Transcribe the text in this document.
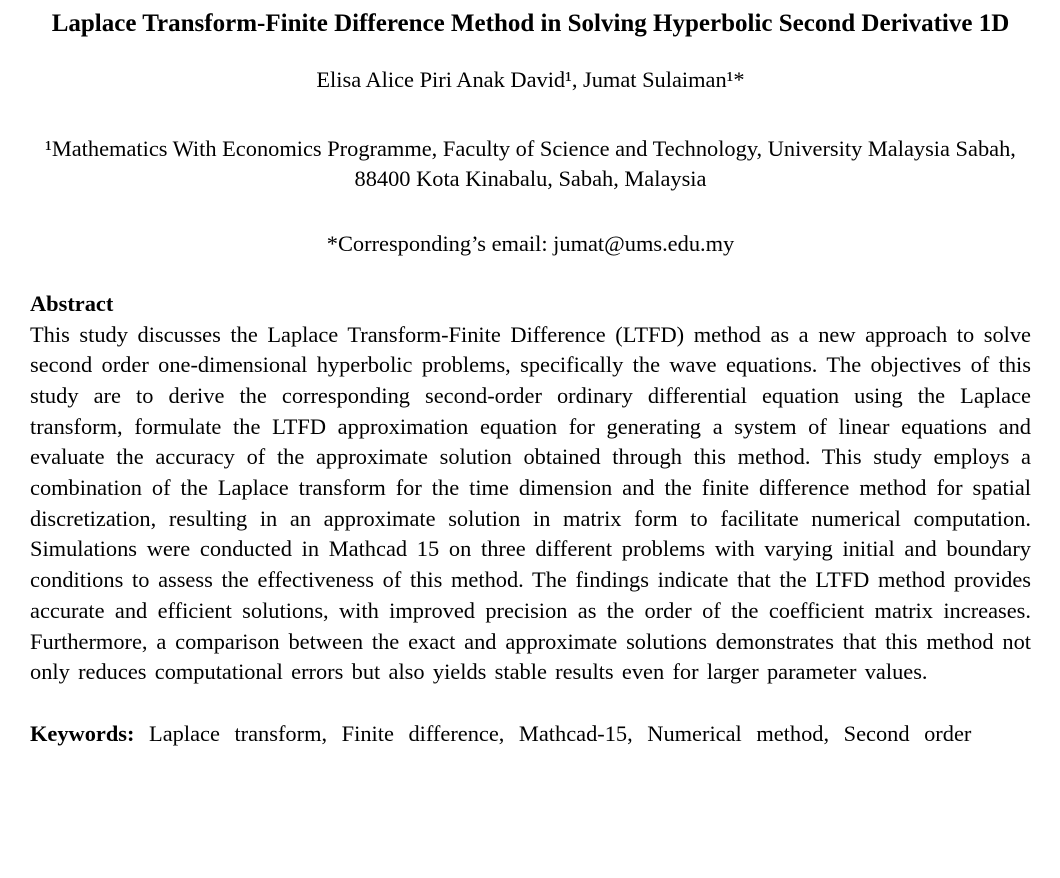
Laplace Transform-Finite Difference Method in Solving Hyperbolic Second Derivative 1D

Elisa Alice Piri Anak David¹, Jumat Sulaiman¹*

¹Mathematics With Economics Programme, Faculty of Science and Technology, University Malaysia Sabah, 88400 Kota Kinabalu, Sabah, Malaysia

*Corresponding’s email: jumat@ums.edu.my

Abstract

This study discusses the Laplace Transform-Finite Difference (LTFD) method as a new approach to solve second order one-dimensional hyperbolic problems, specifically the wave equations. The objectives of this study are to derive the corresponding second-order ordinary differential equation using the Laplace transform, formulate the LTFD approximation equation for generating a system of linear equations and evaluate the accuracy of the approximate solution obtained through this method. This study employs a combination of the Laplace transform for the time dimension and the finite difference method for spatial discretization, resulting in an approximate solution in matrix form to facilitate numerical computation. Simulations were conducted in Mathcad 15 on three different problems with varying initial and boundary conditions to assess the effectiveness of this method. The findings indicate that the LTFD method provides accurate and efficient solutions, with improved precision as the order of the coefficient matrix increases. Furthermore, a comparison between the exact and approximate solutions demonstrates that this method not only reduces computational errors but also yields stable results even for larger parameter values.

Keywords: Laplace transform, Finite difference, Mathcad-15, Numerical method, Second order
